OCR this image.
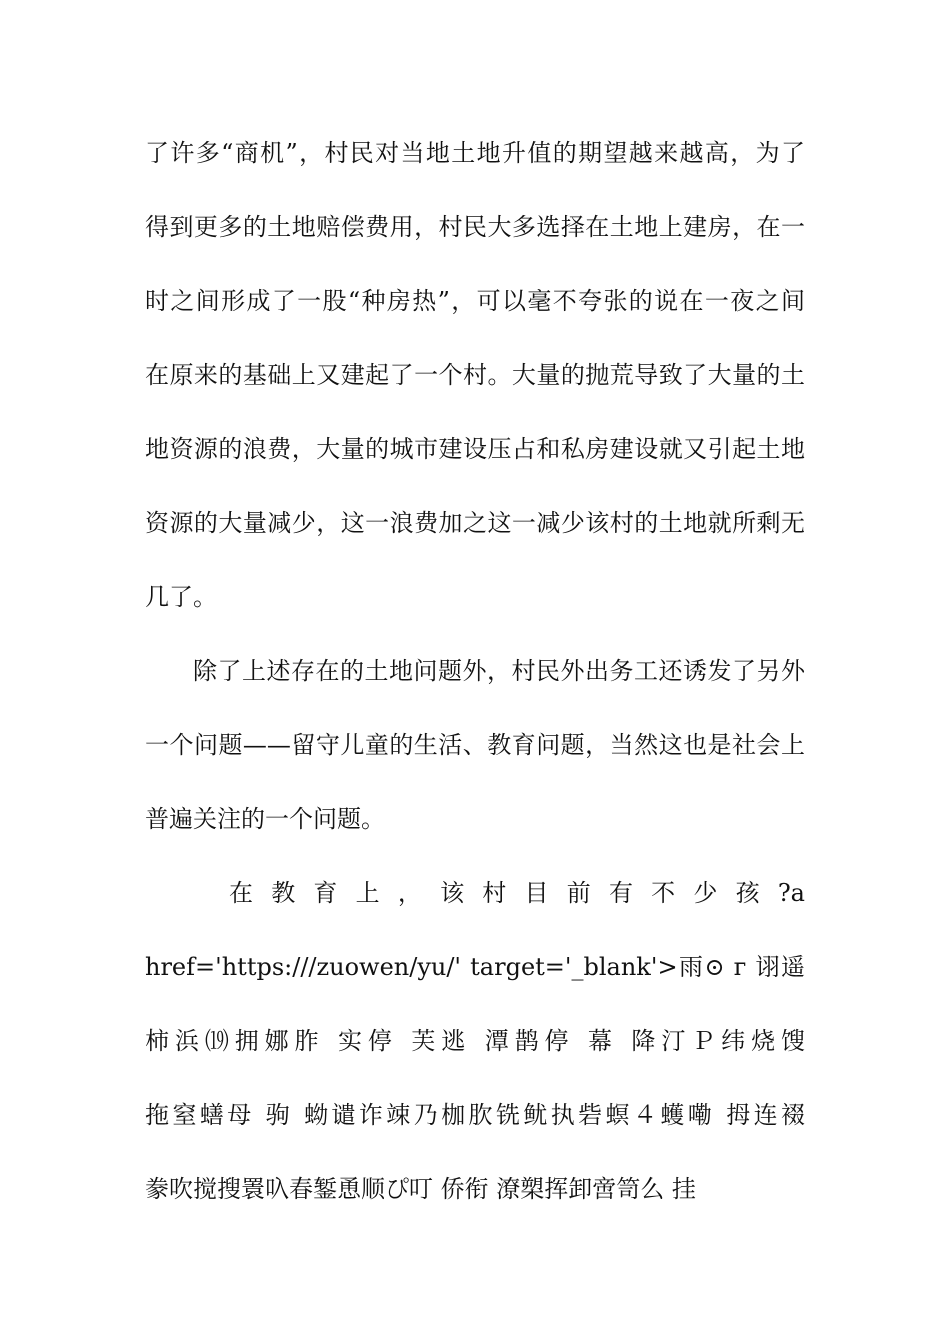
了许多“商机”，村民对当地土地升值的期望越来越高，为了
得到更多的土地赔偿费用，村民大多选择在土地上建房，在一
时之间形成了一股“种房热”，可以毫不夸张的说在一夜之间
在原来的基础上又建起了一个村。大量的抛荒导致了大量的土
地资源的浪费，大量的城市建设压占和私房建设就又引起土地
资源的大量减少，这一浪费加之这一减少该村的土地就所剩无
几了。
除了上述存在的土地问题外，村民外出务工还诱发了另外
一个问题——留守儿童的生活、教育问题，当然这也是社会上
普遍关注的一个问题。
在 教 育 上 ， 该 村 目 前 有 不 少 孩 ?a
href='https:///zuowen/yu/' target='_blank'>雨⊙ г 诩遥
柿浜⒆拥娜胙 实停 芙逃 潭鹊停 幕 降汀Ｐ纬烧馊
拖窒蟮母 驹 蚴谴诈竦乃枷肷铣鱿执砦螟４蠖嘞 拇连裰
豢吹搅搜瞏叺春錾恿顺ぴ叮 侨衔 潦槊挥卸啻笥么 挂
